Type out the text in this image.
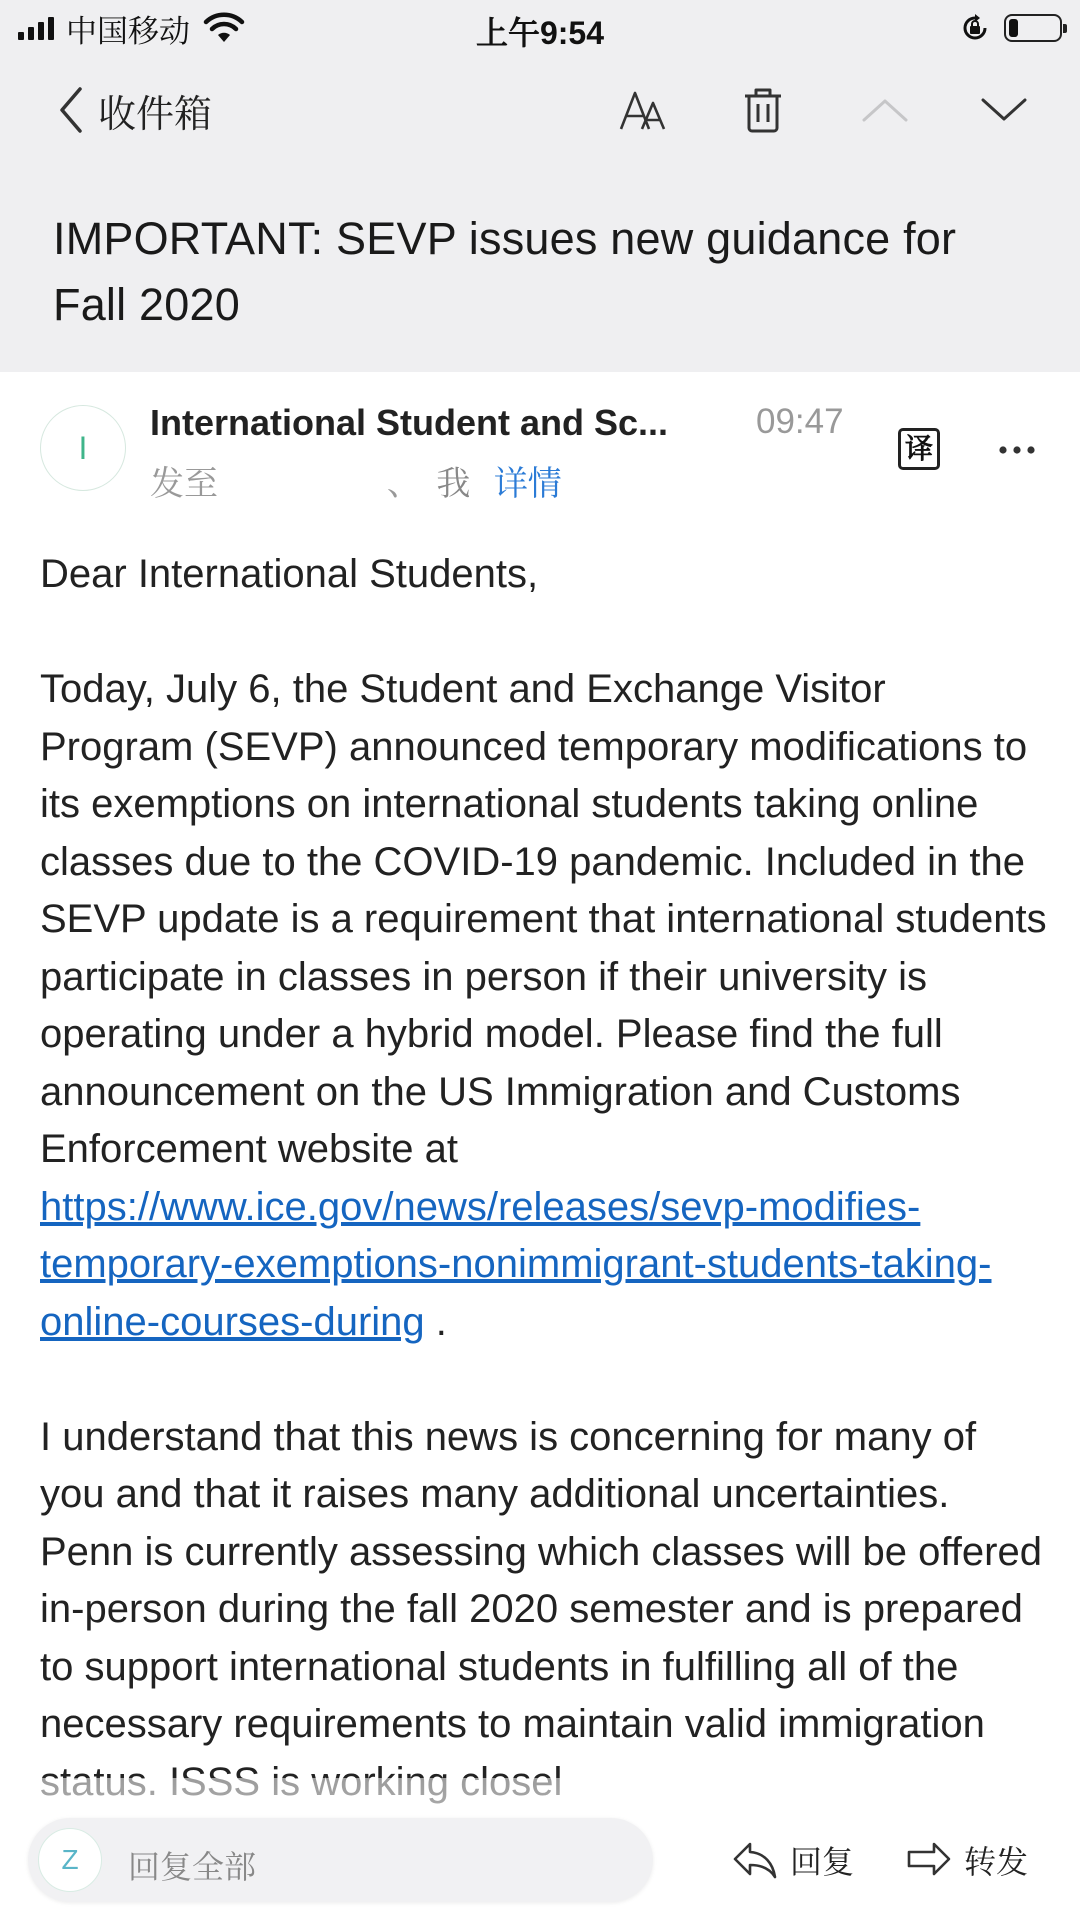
中国移动	上午9:54
收件箱
IMPORTANT: SEVP issues new guidance for Fall 2020
I
International Student and Sc...	09:47
发至	、 我 详情
译

Dear International Students,

Today, July 6, the Student and Exchange Visitor Program (SEVP) announced temporary modifications to its exemptions on international students taking online classes due to the COVID-19 pandemic. Included in the SEVP update is a requirement that international students participate in classes in person if their university is operating under a hybrid model. Please find the full announcement on the US Immigration and Customs Enforcement website at https://www.ice.gov/news/releases/sevp-modifies-temporary-exemptions-nonimmigrant-students-taking-online-courses-during .

I understand that this news is concerning for many of you and that it raises many additional uncertainties. Penn is currently assessing which classes will be offered in-person during the fall 2020 semester and is prepared to support international students in fulfilling all of the necessary requirements to maintain valid immigration

Z 回复全部	回复	转发
